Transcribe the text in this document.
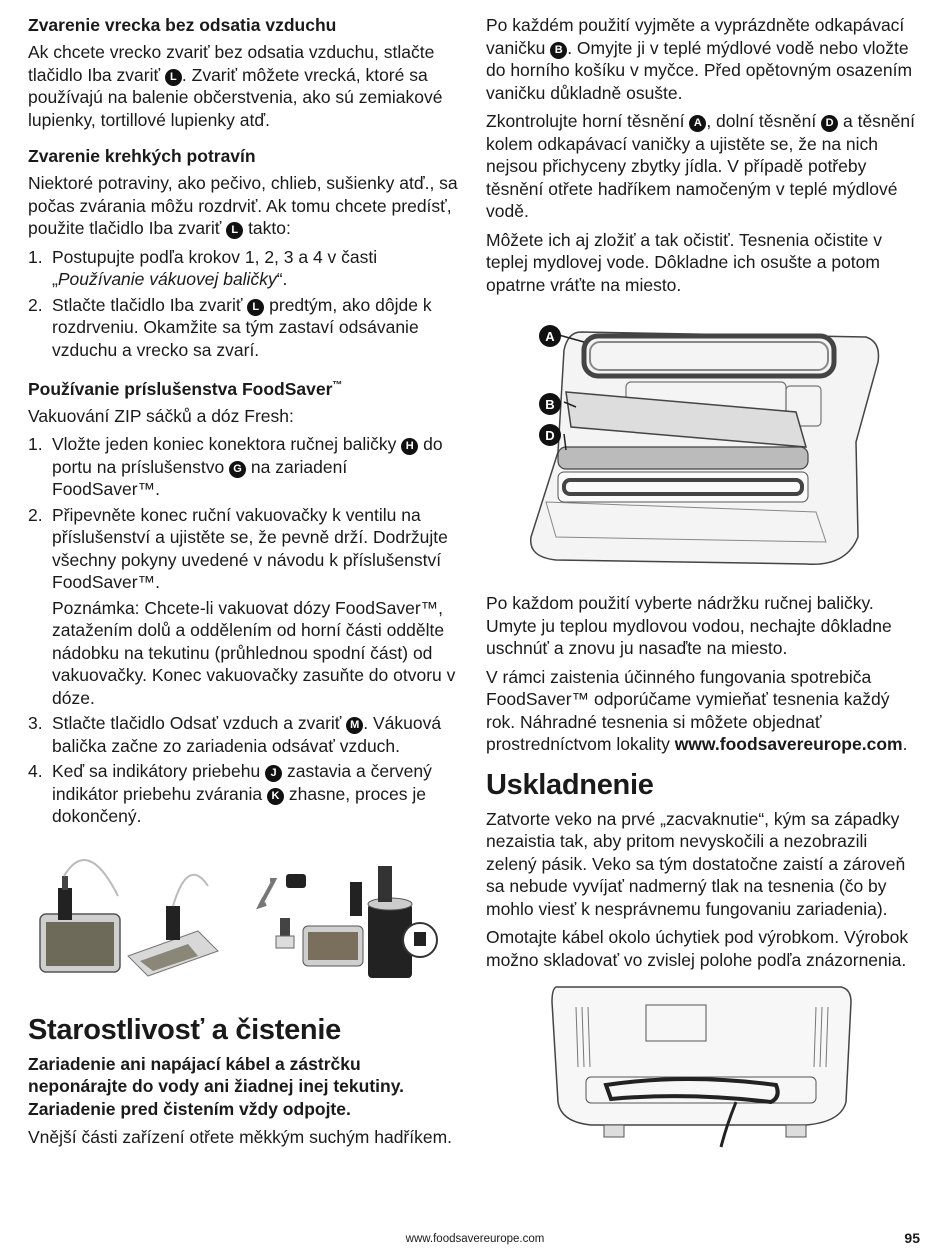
Zvarenie vrecka bez odsatia vzduchu

Ak chcete vrecko zvariť bez odsatia vzduchu, stlačte tlačidlo Iba zvariť L . Zvariť môžete vrecká, ktoré sa používajú na balenie občerstvenia, ako sú zemiakové lupienky, tortillové lupienky atď.

Zvarenie krehkých potravín

Niektoré potraviny, ako pečivo, chlieb, sušienky atď., sa počas zvárania môžu rozdrviť. Ak tomu chcete predísť, použite tlačidlo Iba zvariť L takto:

1. Postupujte podľa krokov 1, 2, 3 a 4 v časti „Používanie vákuovej baličky“.
2. Stlačte tlačidlo Iba zvariť L predtým, ako dôjde k rozdrveniu. Okamžite sa tým zastaví odsávanie vzduchu a vrecko sa zvarí.
Používanie príslušenstva FoodSaver™

Vakuování ZIP sáčků a dóz Fresh:

1. Vložte jeden koniec konektora ručnej baličky H do portu na príslušenstvo G na zariadení FoodSaver™.
2. Připevněte konec ruční vakuovačky k ventilu na příslušenství a ujistěte se, že pevně drží. Dodržujte všechny pokyny uvedené v návodu k příslušenství FoodSaver™.

Poznámka: Chcete-li vakuovat dózy FoodSaver™, zatažením dolů a oddělením od horní části oddělte nádobku na tekutinu (průhlednou spodní část) od vakuovačky. Konec vakuovačky zasuňte do otvoru v dóze.

3. Stlačte tlačidlo Odsať vzduch a zvariť M . Vákuová balička začne zo zariadenia odsávať vzduch.
4. Keď sa indikátory priebehu J zastavia a červený indikátor priebehu zvárania K zhasne, proces je dokončený.
Starostlivosť a čistenie

Zariadenie ani napájací kábel a zástrčku neponárajte do vody ani žiadnej inej tekutiny. Zariadenie pred čistením vždy odpojte.

Vnější části zařízení otřete měkkým suchým hadříkem.

Po každém použití vyjměte a vyprázdněte odkapávací vaničku B . Omyjte ji v teplé mýdlové vodě nebo vložte do horního košíku v myčce. Před opětovným osazením vaničku důkladně osušte.

Zkontrolujte horní těsnění A , dolní těsnění D a těsnění kolem odkapávací vaničky a ujistěte se, že na nich nejsou přichyceny zbytky jídla. V případě potřeby těsnění otřete hadříkem namočeným v teplé mýdlové vodě.

Môžete ich aj zložiť a tak očistiť. Tesnenia očistite v teplej mydlovej vode. Dôkladne ich osušte a potom opatrne vráťte na miesto.

A
B
D

Po každom použití vyberte nádržku ručnej baličky. Umyte ju teplou mydlovou vodou, nechajte dôkladne uschnúť a znovu ju nasaďte na miesto.

V rámci zaistenia účinného fungovania spotrebiča FoodSaver™ odporúčame vymieňať tesnenia každý rok. Náhradné tesnenia si môžete objednať prostredníctvom lokality www.foodsavereurope.com.

Uskladnenie

Zatvorte veko na prvé „zacvaknutie“, kým sa západky nezaistia tak, aby pritom nevyskočili a nezobrazili zelený pásik. Veko sa tým dostatočne zaistí a zároveň sa nebude vyvíjať nadmerný tlak na tesnenia (čo by mohlo viesť k nesprávnemu fungovaniu zariadenia).

Omotajte kábel okolo úchytiek pod výrobkom. Výrobok možno skladovať vo zvislej polohe podľa znázornenia.

www.foodsavereurope.com	95
